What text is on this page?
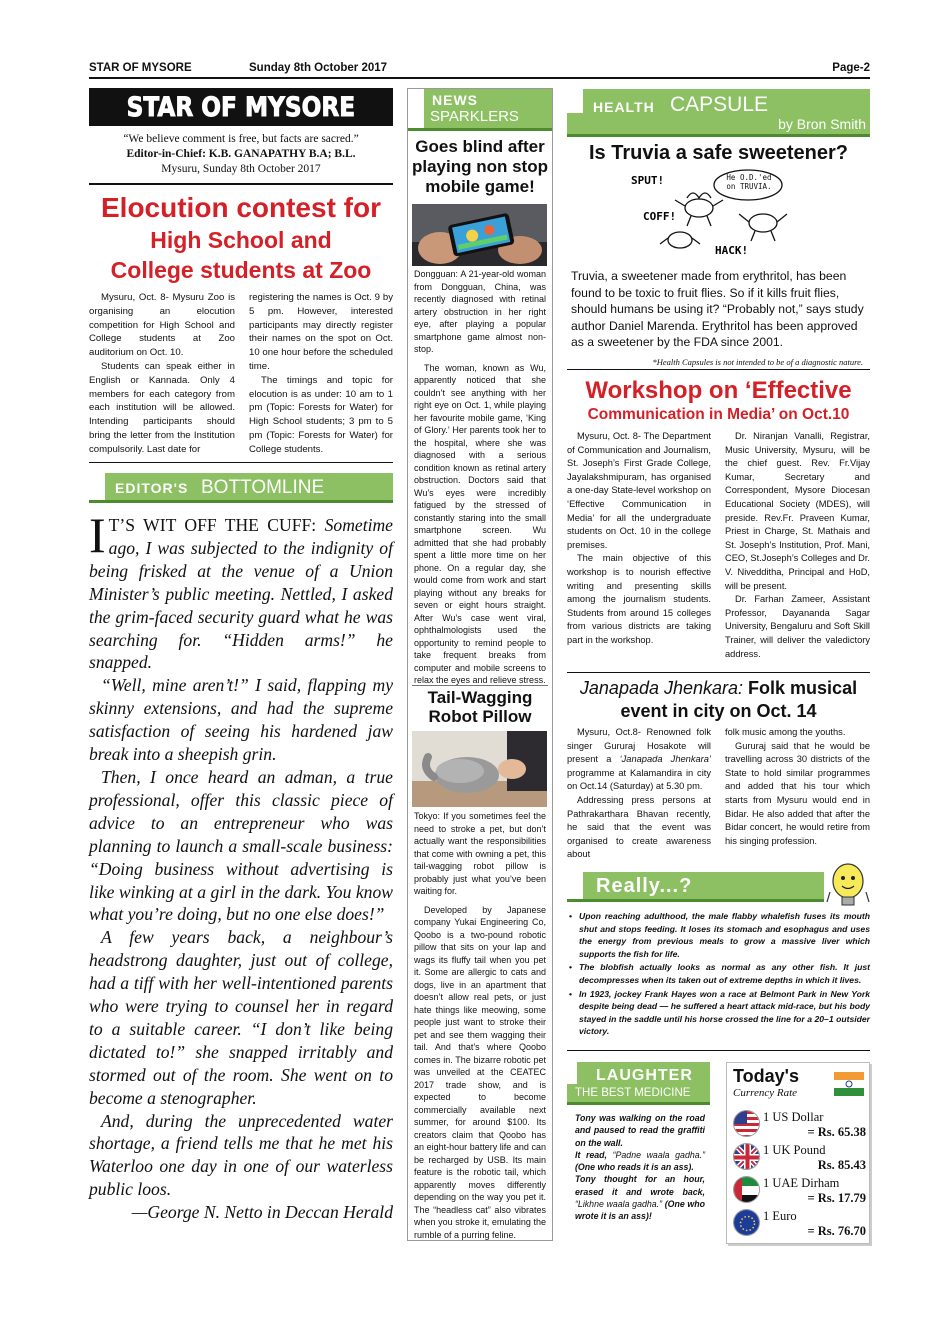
STAR OF MYSORE	Sunday 8th October 2017	Page-2
STAR OF MYSORE
“We believe comment is free, but facts are sacred.”
Editor-in-Chief: K.B. GANAPATHY B.A; B.L.
Mysuru, Sunday 8th October 2017
Elocution contest for
High School and
College students at Zoo

Mysuru, Oct. 8- Mysuru Zoo is organising an elocution competition for High School and College students at Zoo auditorium on Oct. 10.

Students can speak either in English or Kannada. Only 4 members for each category from each institution will be allowed. Intending participants should bring the letter from the Institution compulsorily. Last date for

registering the names is Oct. 9 by 5 pm. However, interested participants may directly register their names on the spot on Oct. 10 one hour before the scheduled time.

The timings and topic for elocution is as under: 10 am to 1 pm (Topic: Forests for Water) for High School students; 3 pm to 5 pm (Topic: Forests for Water) for College students.

EDITOR'S BOTTOMLINE

I T’S WIT OFF THE CUFF: Sometime ago, I was subjected to the indignity of being frisked at the venue of a Union Minister’s public meeting. Nettled, I asked the grim-faced security guard what he was searching for. “Hidden arms!” he snapped.

“Well, mine aren’t!” I said, flapping my skinny extensions, and had the supreme satisfaction of seeing his hardened jaw break into a sheepish grin.

Then, I once heard an adman, a true professional, offer this classic piece of advice to an entrepreneur who was planning to launch a small-scale business: “Doing business without advertising is like winking at a girl in the dark. You know what you’re doing, but no one else does!”

A few years back, a neighbour’s headstrong daughter, just out of college, had a tiff with her well-intentioned parents who were trying to counsel her in regard to a suitable career. “I don’t like being dictated to!” she snapped irritably and stormed out of the room. She went on to become a stenographer.

And, during the unprecedented water shortage, a friend tells me that he met his Waterloo one day in one of our waterless public loos.

—George N. Netto in Deccan Herald

NEWS
SPARKLERS
Goes blind after playing non stop mobile game!

Dongguan: A 21-year-old woman from Dongguan, China, was recently diagnosed with retinal artery obstruction in her right eye, after playing a popular smartphone game almost non-stop.

The woman, known as Wu, apparently noticed that she couldn’t see anything with her right eye on Oct. 1, while playing her favourite mobile game, ‘King of Glory.’ Her parents took her to the hospital, where she was diagnosed with a serious condition known as retinal artery obstruction. Doctors said that Wu’s eyes were incredibly fatigued by the stressed of constantly staring into the small smartphone screen. Wu admitted that she had probably spent a little more time on her phone. On a regular day, she would come from work and start playing without any breaks for seven or eight hours straight. After Wu’s case went viral, ophthalmologists used the opportunity to remind people to take frequent breaks from computer and mobile screens to relax the eyes and relieve stress.

Tail-Wagging Robot Pillow

Tokyo: If you sometimes feel the need to stroke a pet, but don’t actually want the responsibilities that come with owning a pet, this tail-wagging robot pillow is probably just what you’ve been waiting for.

Developed by Japanese company Yukai Engineering Co, Qoobo is a two-pound robotic pillow that sits on your lap and wags its fluffy tail when you pet it. Some are allergic to cats and dogs, live in an apartment that doesn’t allow real pets, or just hate things like meowing, some people just want to stroke their pet and see them wagging their tail. And that’s where Qoobo comes in. The bizarre robotic pet was unveiled at the CEATEC 2017 trade show, and is expected to become commercially available next summer, for around $100. Its creators claim that Qoobo has an eight-hour battery life and can be recharged by USB. Its main feature is the robotic tail, which apparently moves differently depending on the way you pet it. The “headless cat” also vibrates when you stroke it, emulating the rumble of a purring feline.

HEALTH CAPSULE
by Bron Smith
Is Truvia a safe sweetener?
SPUT!
COFF!
HACK!
He O.D.'ed on TRUVIA.
Truvia, a sweetener made from erythritol, has been found to be toxic to fruit flies. So if it kills fruit flies, should humans be using it? “Probably not,” says study author Daniel Marenda. Erythritol has been approved as a sweetener by the FDA since 2001.
*Health Capsules is not intended to be of a diagnostic nature.
Workshop on ‘Effective
Communication in Media’ on Oct.10

Mysuru, Oct. 8- The Department of Communication and Journalism, St. Joseph’s First Grade College, Jayalakshmipuram, has organised a one-day State-level workshop on ‘Effective Communication in Media’ for all the undergraduate students on Oct. 10 in the college premises.

The main objective of this workshop is to nourish effective writing and presenting skills among the journalism students. Students from around 15 colleges from various districts are taking part in the workshop.

Dr. Niranjan Vanalli, Registrar, Music University, Mysuru, will be the chief guest. Rev. Fr.Vijay Kumar, Secretary and Correspondent, Mysore Diocesan Educational Society (MDES), will preside. Rev.Fr. Praveen Kumar, Priest in Charge, St. Mathais and St. Joseph’s Institution, Prof. Mani, CEO, St.Joseph’s Colleges and Dr. V. Nivedditha, Principal and HoD, will be present.

Dr. Farhan Zameer, Assistant Professor, Dayananda Sagar University, Bengaluru and Soft Skill Trainer, will deliver the valedictory address.

Janapada Jhenkara: Folk musical
event in city on Oct. 14

Mysuru, Oct.8- Renowned folk singer Gururaj Hosakote will present a ‘Janapada Jhenkara’ programme at Kalamandira in city on Oct.14 (Saturday) at 5.30 pm.

Addressing press persons at Pathrakarthara Bhavan recently, he said that the event was organised to create awareness about

folk music among the youths.

Gururaj said that he would be travelling across 30 districts of the State to hold similar programmes and added that his tour which starts from Mysuru would end in Bidar. He also added that after the Bidar concert, he would retire from his singing profession.

Really...?
• Upon reaching adulthood, the male flabby whalefish fuses its mouth shut and stops feeding. It loses its stomach and esophagus and uses the energy from previous meals to grow a massive liver which supports the fish for life.
• The blobfish actually looks as normal as any other fish. It just decompresses when its taken out of extreme depths in which it lives.
• In 1923, jockey Frank Hayes won a race at Belmont Park in New York despite being dead — he suffered a heart attack mid-race, but his body stayed in the saddle until his horse crossed the line for a 20–1 outsider victory.
LAUGHTER
THE BEST MEDICINE

Tony was walking on the road and paused to read the graffiti on the wall.

It read, “Padne waala gadha.” (One who reads it is an ass).

Tony thought for an hour, erased it and wrote back, “Likhne waala gadha.” (One who wrote it is an ass)!

Today's
Currency Rate
1 US Dollar
= Rs. 65.38
1 UK Pound
Rs. 85.43
1 UAE Dirham
= Rs. 17.79
1 Euro
= Rs. 76.70
